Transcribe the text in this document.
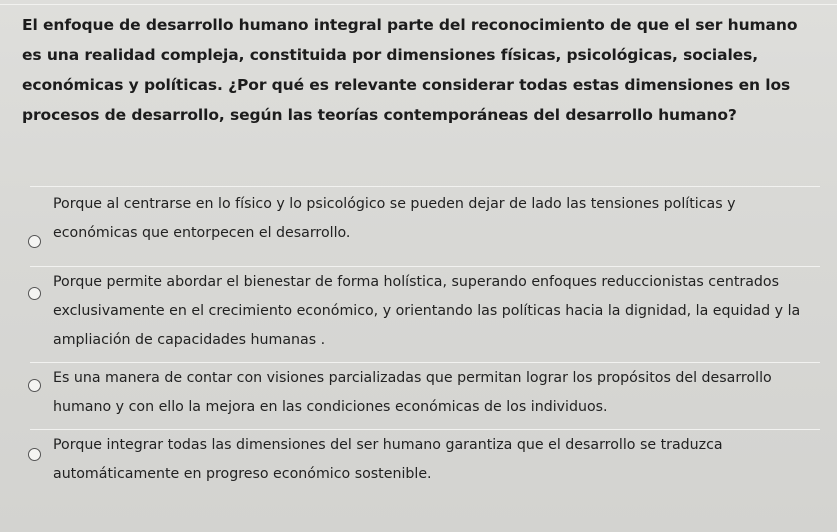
El enfoque de desarrollo humano integral parte del reconocimiento de que el ser humano es una realidad compleja, constituida por dimensiones físicas, psicológicas, sociales, económicas y políticas. ¿Por qué es relevante considerar todas estas dimensiones en los procesos de desarrollo, según las teorías contemporáneas del desarrollo humano?
Porque al centrarse en lo físico y lo psicológico se pueden dejar de lado las tensiones políticas y económicas que entorpecen el desarrollo.
Porque permite abordar el bienestar de forma holística, superando enfoques reduccionistas centrados exclusivamente en el crecimiento económico, y orientando las políticas hacia la dignidad, la equidad y la ampliación de capacidades humanas .
Es una manera de contar con visiones parcializadas que permitan lograr los propósitos del desarrollo humano y con ello la mejora en las condiciones económicas de los individuos.
Porque integrar todas las dimensiones del ser humano garantiza que el desarrollo se traduzca automáticamente en progreso económico sostenible.
